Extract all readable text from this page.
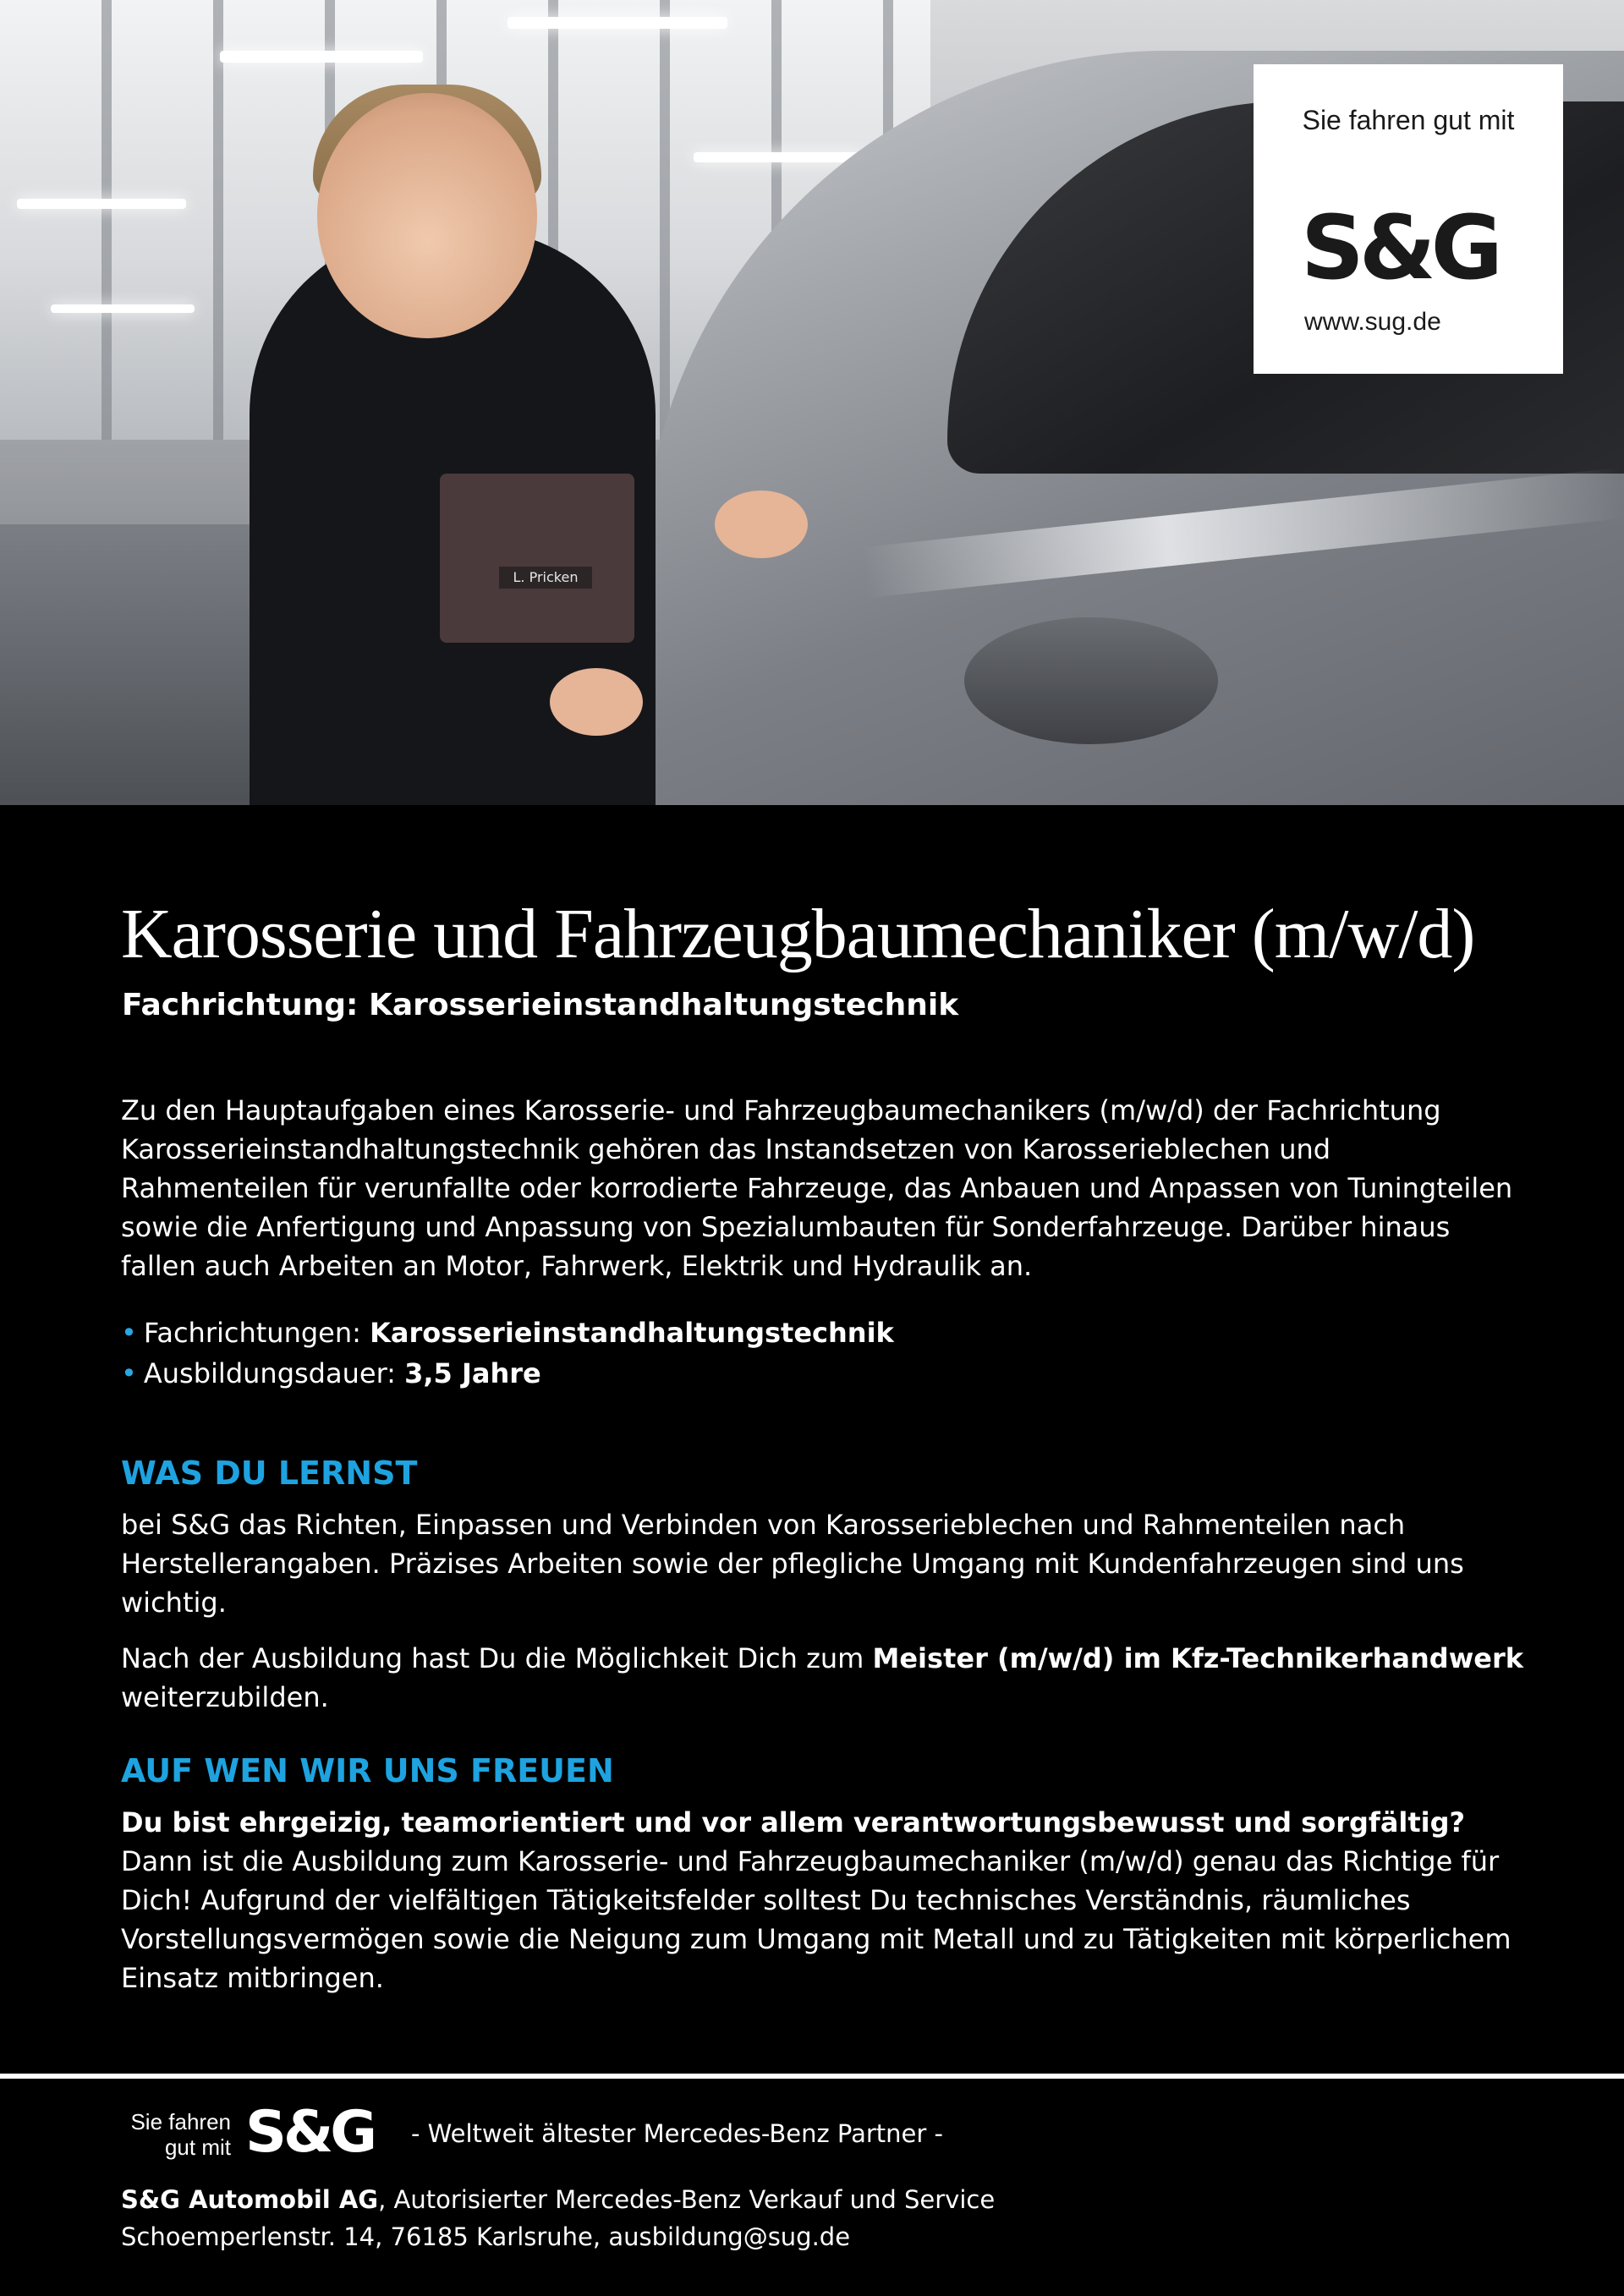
L. Pricken
Sie fahren gut mit
S&G
www.sug.de
Karosserie und Fahrzeugbaumechaniker (m/w/d)
Fachrichtung: Karosserieinstandhaltungstechnik

Zu den Hauptaufgaben eines Karosserie- und Fahrzeugbaumechanikers (m/w/d) der Fachrichtung Karosserieinstandhaltungstechnik gehören das Instandsetzen von Karosserieblechen und Rahmenteilen für verunfallte oder korrodierte Fahrzeuge, das Anbauen und Anpassen von Tuningteilen sowie die Anfertigung und Anpassung von Spezialumbauten für Sonderfahrzeuge. Darüber hinaus fallen auch Arbeiten an Motor, Fahrwerk, Elektrik und Hydraulik an.

• Fachrichtungen: Karosserieinstandhaltungstechnik
• Ausbildungsdauer: 3,5 Jahre
WAS DU LERNST

bei S&G das Richten, Einpassen und Verbinden von Karosserieblechen und Rahmenteilen nach Herstellerangaben. Präzises Arbeiten sowie der pflegliche Umgang mit Kundenfahrzeugen sind uns wichtig.

Nach der Ausbildung hast Du die Möglichkeit Dich zum Meister (m/w/d) im Kfz-Technikerhandwerk weiterzubilden.

AUF WEN WIR UNS FREUEN

Du bist ehrgeizig, teamorientiert und vor allem verantwortungsbewusst und sorgfältig? Dann ist die Ausbildung zum Karosserie- und Fahrzeugbaumechaniker (m/w/d) genau das Richtige für Dich! Aufgrund der vielfältigen Tätigkeitsfelder solltest Du technisches Verständnis, räumliches Vorstellungsvermögen sowie die Neigung zum Umgang mit Metall und zu Tätigkeiten mit körperlichem Einsatz mitbringen.

Sie fahren
gut mit S&G - Weltweit ältester Mercedes-Benz Partner -
S&G Automobil AG, Autorisierter Mercedes-Benz Verkauf und Service
Schoemperlenstr. 14, 76185 Karlsruhe, ausbildung@sug.de
